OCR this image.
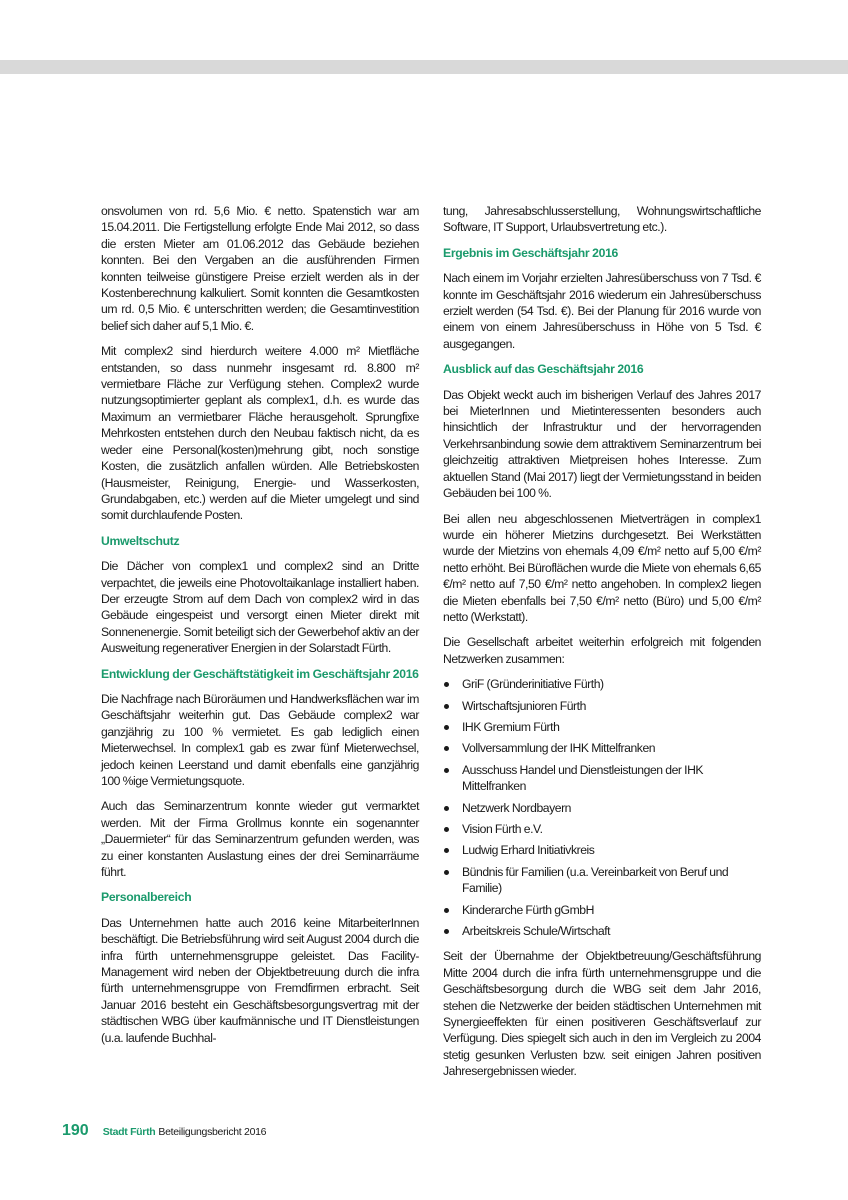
onsvolumen von rd. 5,6 Mio. € netto. Spatenstich war am 15.04.2011. Die Fertigstellung erfolgte Ende Mai 2012, so dass die ersten Mieter am 01.06.2012 das Gebäude beziehen konnten. Bei den Vergaben an die ausführenden Firmen konnten teilweise günstigere Preise erzielt werden als in der Kostenberechnung kalkuliert. Somit konnten die Gesamtkosten um rd. 0,5 Mio. € unterschritten werden; die Gesamtinvestition belief sich daher auf 5,1 Mio. €.

Mit complex2 sind hierdurch weitere 4.000 m² Mietfläche entstanden, so dass nunmehr insgesamt rd. 8.800 m² vermietbare Fläche zur Verfügung stehen. Complex2 wurde nutzungsoptimierter geplant als complex1, d.h. es wurde das Maximum an vermietbarer Fläche herausgeholt. Sprungfixe Mehrkosten entstehen durch den Neubau faktisch nicht, da es weder eine Personal(kosten)mehrung gibt, noch sonstige Kosten, die zusätzlich anfallen würden. Alle Betriebskosten (Hausmeister, Reinigung, Energie- und Wasserkosten, Grundabgaben, etc.) werden auf die Mieter umgelegt und sind somit durchlaufende Posten.

Umweltschutz

Die Dächer von complex1 und complex2 sind an Dritte verpachtet, die jeweils eine Photovoltaikanlage installiert haben. Der erzeugte Strom auf dem Dach von complex2 wird in das Gebäude eingespeist und versorgt einen Mieter direkt mit Sonnenenergie. Somit beteiligt sich der Gewerbehof aktiv an der Ausweitung regenerativer Energien in der Solarstadt Fürth.

Entwicklung der Geschäftstätigkeit im Geschäftsjahr 2016

Die Nachfrage nach Büroräumen und Handwerksflächen war im Geschäftsjahr weiterhin gut. Das Gebäude complex2 war ganzjährig zu 100 % vermietet. Es gab lediglich einen Mieterwechsel. In complex1 gab es zwar fünf Mieterwechsel, jedoch keinen Leerstand und damit ebenfalls eine ganzjährig 100 %ige Vermietungsquote.

Auch das Seminarzentrum konnte wieder gut vermarktet werden. Mit der Firma Grollmus konnte ein sogenannter „Dauermieter“ für das Seminarzentrum gefunden werden, was zu einer konstanten Auslastung eines der drei Seminarräume führt.

Personalbereich

Das Unternehmen hatte auch 2016 keine MitarbeiterInnen beschäftigt. Die Betriebsführung wird seit August 2004 durch die infra fürth unternehmensgruppe geleistet. Das Facility-Management wird neben der Objektbetreuung durch die infra fürth unternehmensgruppe von Fremdfirmen erbracht. Seit Januar 2016 besteht ein Geschäftsbesorgungsvertrag mit der städtischen WBG über kaufmännische und IT Dienstleistungen (u.a. laufende Buchhal-

tung, Jahresabschlusserstellung, Wohnungswirtschaftliche Software, IT Support, Urlaubsvertretung etc.).

Ergebnis im Geschäftsjahr 2016

Nach einem im Vorjahr erzielten Jahresüberschuss von 7 Tsd. € konnte im Geschäftsjahr 2016 wiederum ein Jahresüberschuss erzielt werden (54 Tsd. €). Bei der Planung für 2016 wurde von einem von einem Jahresüberschuss in Höhe von 5 Tsd. € ausgegangen.

Ausblick auf das Geschäftsjahr 2016

Das Objekt weckt auch im bisherigen Verlauf des Jahres 2017 bei MieterInnen und Mietinteressenten besonders auch hinsichtlich der Infrastruktur und der hervorragenden Verkehrsanbindung sowie dem attraktivem Seminarzentrum bei gleichzeitig attraktiven Mietpreisen hohes Interesse. Zum aktuellen Stand (Mai 2017) liegt der Vermietungsstand in beiden Gebäuden bei 100 %.

Bei allen neu abgeschlossenen Mietverträgen in complex1 wurde ein höherer Mietzins durchgesetzt. Bei Werkstätten wurde der Mietzins von ehemals 4,09 €/m² netto auf 5,00 €/m² netto erhöht. Bei Büroflächen wurde die Miete von ehemals 6,65 €/m² netto auf 7,50 €/m² netto angehoben. In complex2 liegen die Mieten ebenfalls bei 7,50 €/m² netto (Büro) und 5,00 €/m² netto (Werkstatt).

Die Gesellschaft arbeitet weiterhin erfolgreich mit folgenden Netzwerken zusammen:

GriF (Gründerinitiative Fürth)
Wirtschaftsjunioren Fürth
IHK Gremium Fürth
Vollversammlung der IHK Mittelfranken
Ausschuss Handel und Dienstleistungen der IHK Mittelfranken
Netzwerk Nordbayern
Vision Fürth e.V.
Ludwig Erhard Initiativkreis
Bündnis für Familien (u.a. Vereinbarkeit von Beruf und Familie)
Kinderarche Fürth gGmbH
Arbeitskreis Schule/Wirtschaft

Seit der Übernahme der Objektbetreuung/Geschäftsführung Mitte 2004 durch die infra fürth unternehmensgruppe und die Geschäftsbesorgung durch die WBG seit dem Jahr 2016, stehen die Netzwerke der beiden städtischen Unternehmen mit Synergieeffekten für einen positiveren Geschäftsverlauf zur Verfügung. Dies spiegelt sich auch in den im Vergleich zu 2004 stetig gesunken Verlusten bzw. seit einigen Jahren positiven Jahresergebnissen wieder.

190 Stadt Fürth Beteiligungsbericht 2016
